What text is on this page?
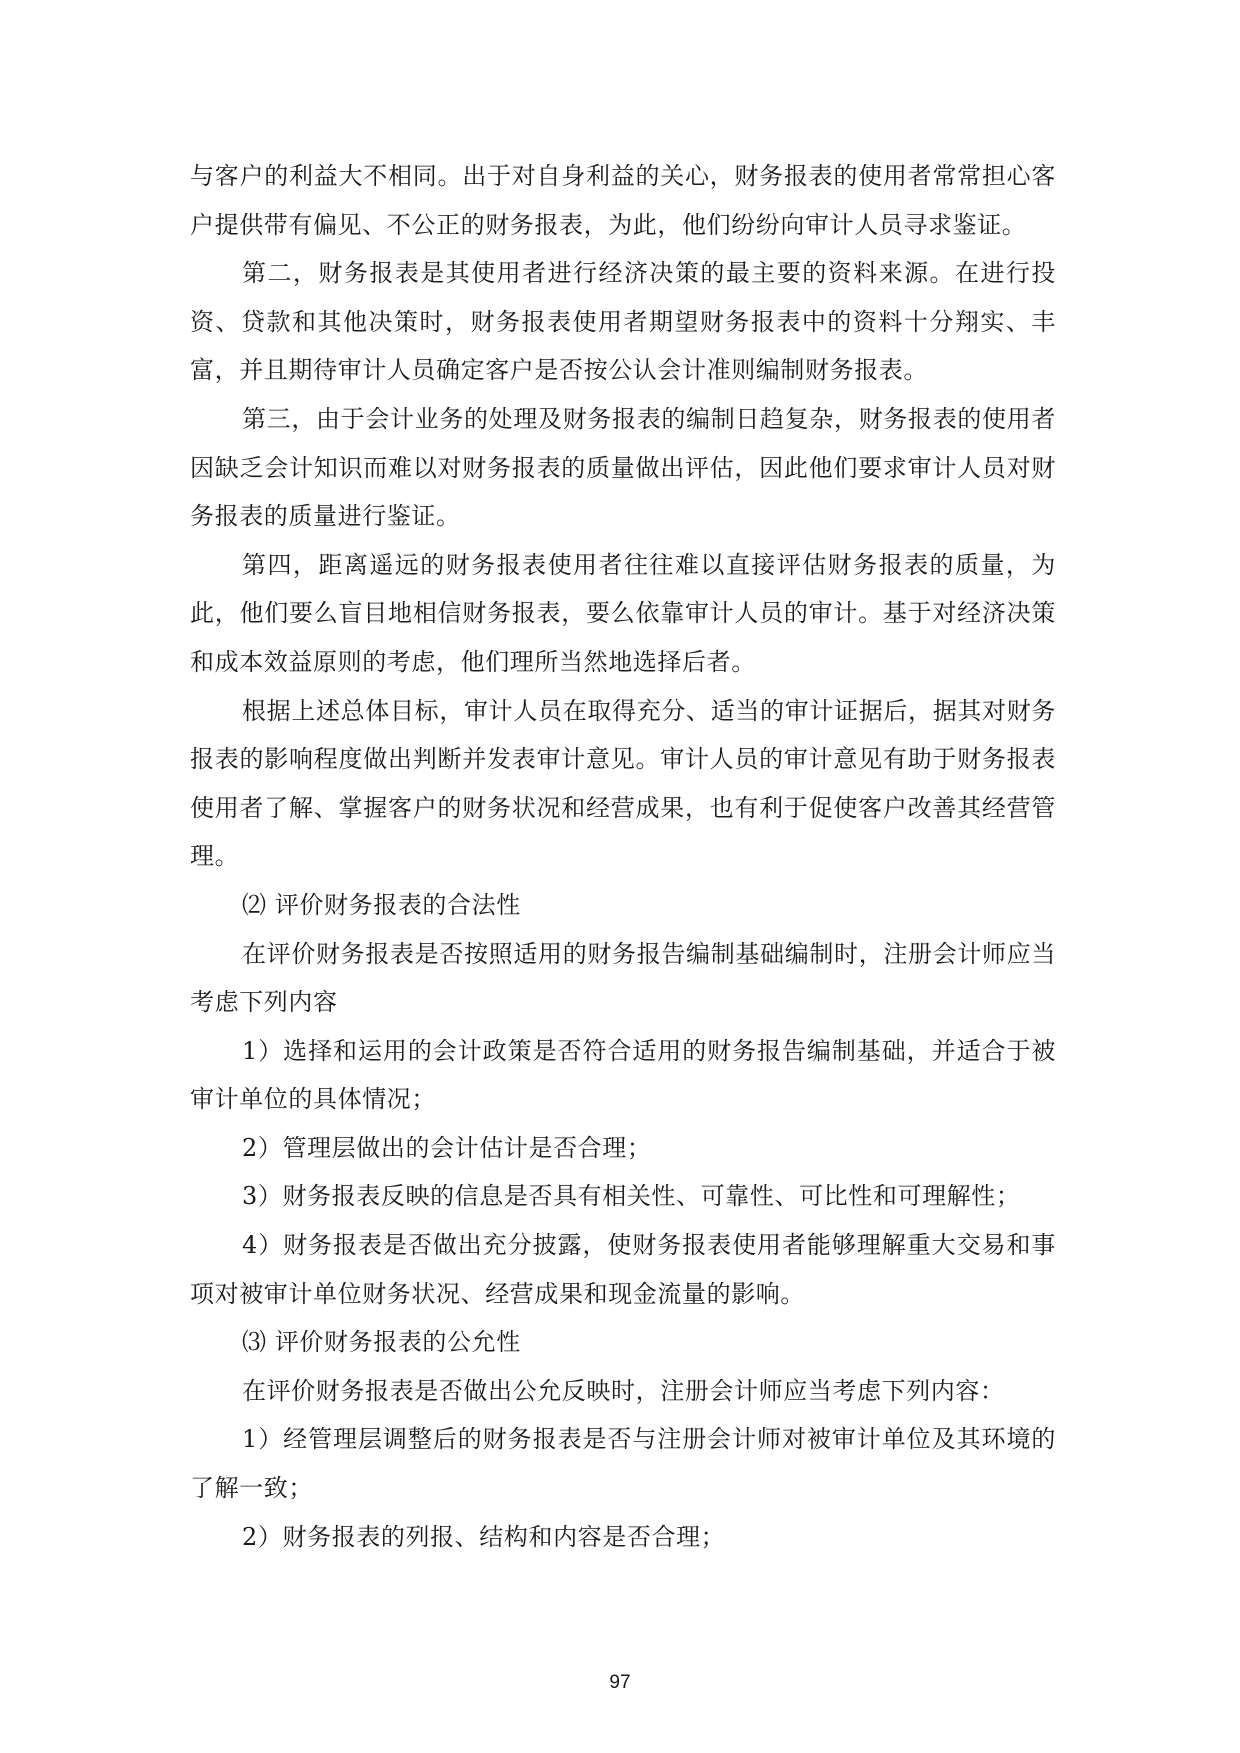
与客户的利益大不相同。出于对自身利益的关心，财务报表的使用者常常担心客户提供带有偏见、不公正的财务报表，为此，他们纷纷向审计人员寻求鉴证。

第二，财务报表是其使用者进行经济决策的最主要的资料来源。在进行投资、贷款和其他决策时，财务报表使用者期望财务报表中的资料十分翔实、丰富，并且期待审计人员确定客户是否按公认会计准则编制财务报表。

第三，由于会计业务的处理及财务报表的编制日趋复杂，财务报表的使用者因缺乏会计知识而难以对财务报表的质量做出评估，因此他们要求审计人员对财务报表的质量进行鉴证。

第四，距离遥远的财务报表使用者往往难以直接评估财务报表的质量，为此，他们要么盲目地相信财务报表，要么依靠审计人员的审计。基于对经济决策和成本效益原则的考虑，他们理所当然地选择后者。

根据上述总体目标，审计人员在取得充分、适当的审计证据后，据其对财务报表的影响程度做出判断并发表审计意见。审计人员的审计意见有助于财务报表使用者了解、掌握客户的财务状况和经营成果，也有利于促使客户改善其经营管理。

⑵ 评价财务报表的合法性

在评价财务报表是否按照适用的财务报告编制基础编制时，注册会计师应当考虑下列内容

1）选择和运用的会计政策是否符合适用的财务报告编制基础，并适合于被审计单位的具体情况；

2）管理层做出的会计估计是否合理；

3）财务报表反映的信息是否具有相关性、可靠性、可比性和可理解性；

4）财务报表是否做出充分披露，使财务报表使用者能够理解重大交易和事项对被审计单位财务状况、经营成果和现金流量的影响。

⑶ 评价财务报表的公允性

在评价财务报表是否做出公允反映时，注册会计师应当考虑下列内容：

1）经管理层调整后的财务报表是否与注册会计师对被审计单位及其环境的了解一致；

2）财务报表的列报、结构和内容是否合理；

97
